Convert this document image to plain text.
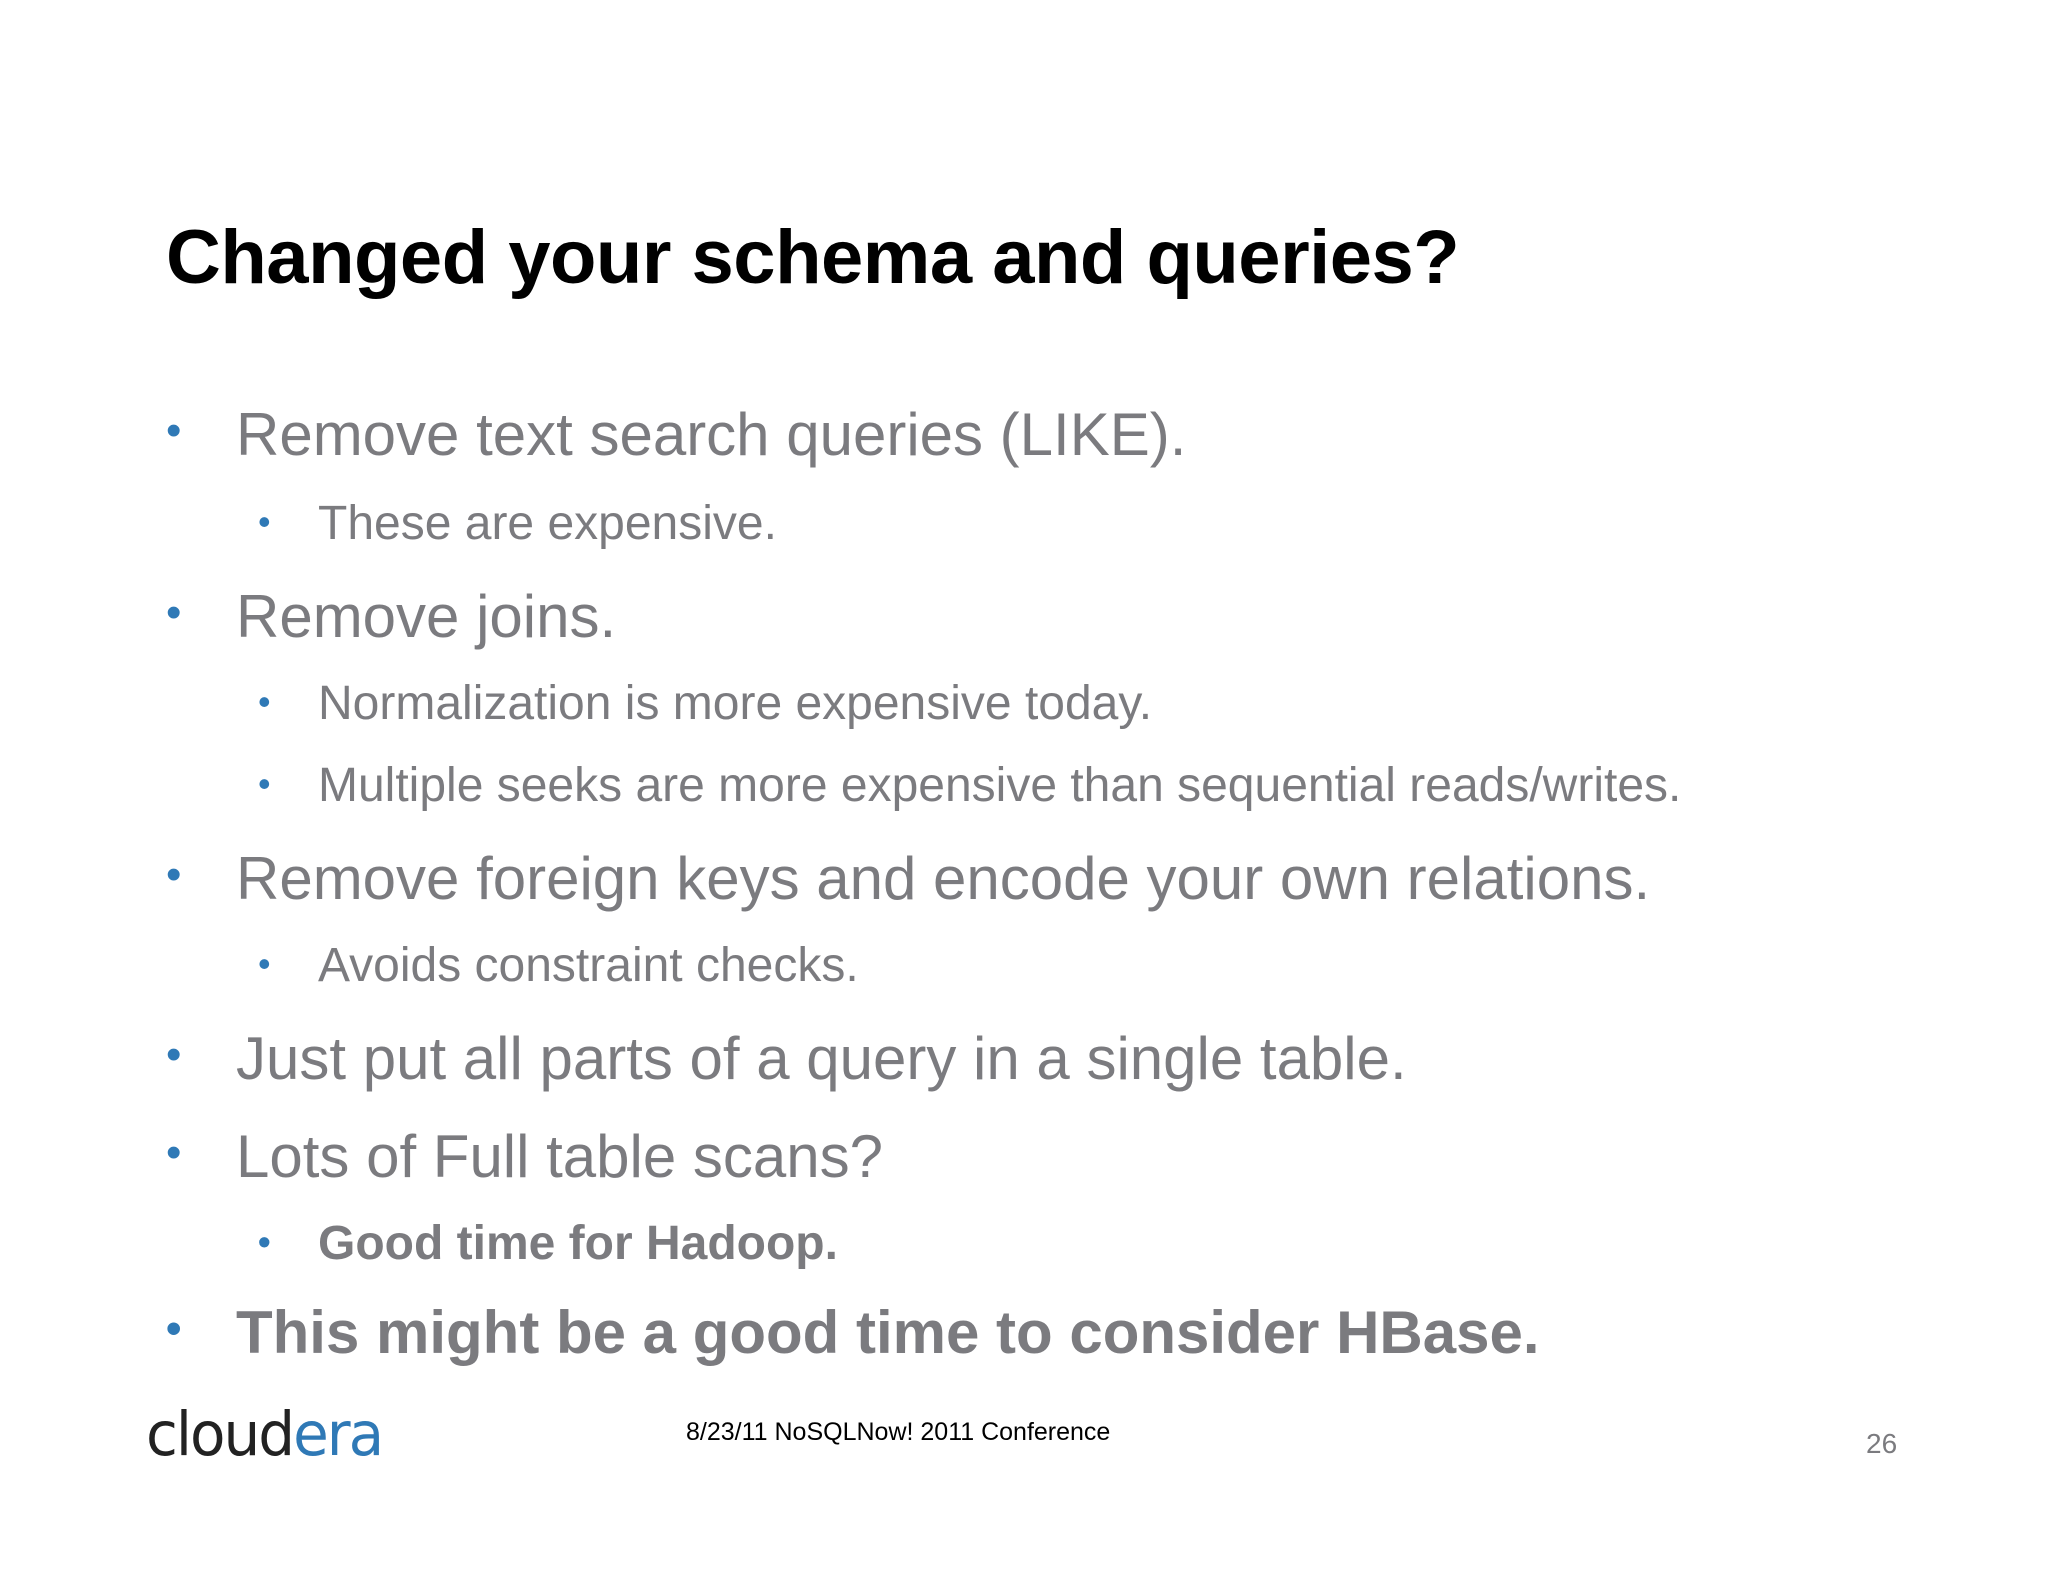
Changed your schema and queries?
• Remove text search queries (LIKE).
• These are expensive.
• Remove joins.
• Normalization is more expensive today.
• Multiple seeks are more expensive than sequential reads/writes.
• Remove foreign keys and encode your own relations.
• Avoids constraint checks.
• Just put all parts of a query in a single table.
• Lots of Full table scans?
• Good time for Hadoop.
• This might be a good time to consider HBase.
cloudera	8/23/11 NoSQLNow! 2011 Conference	26
